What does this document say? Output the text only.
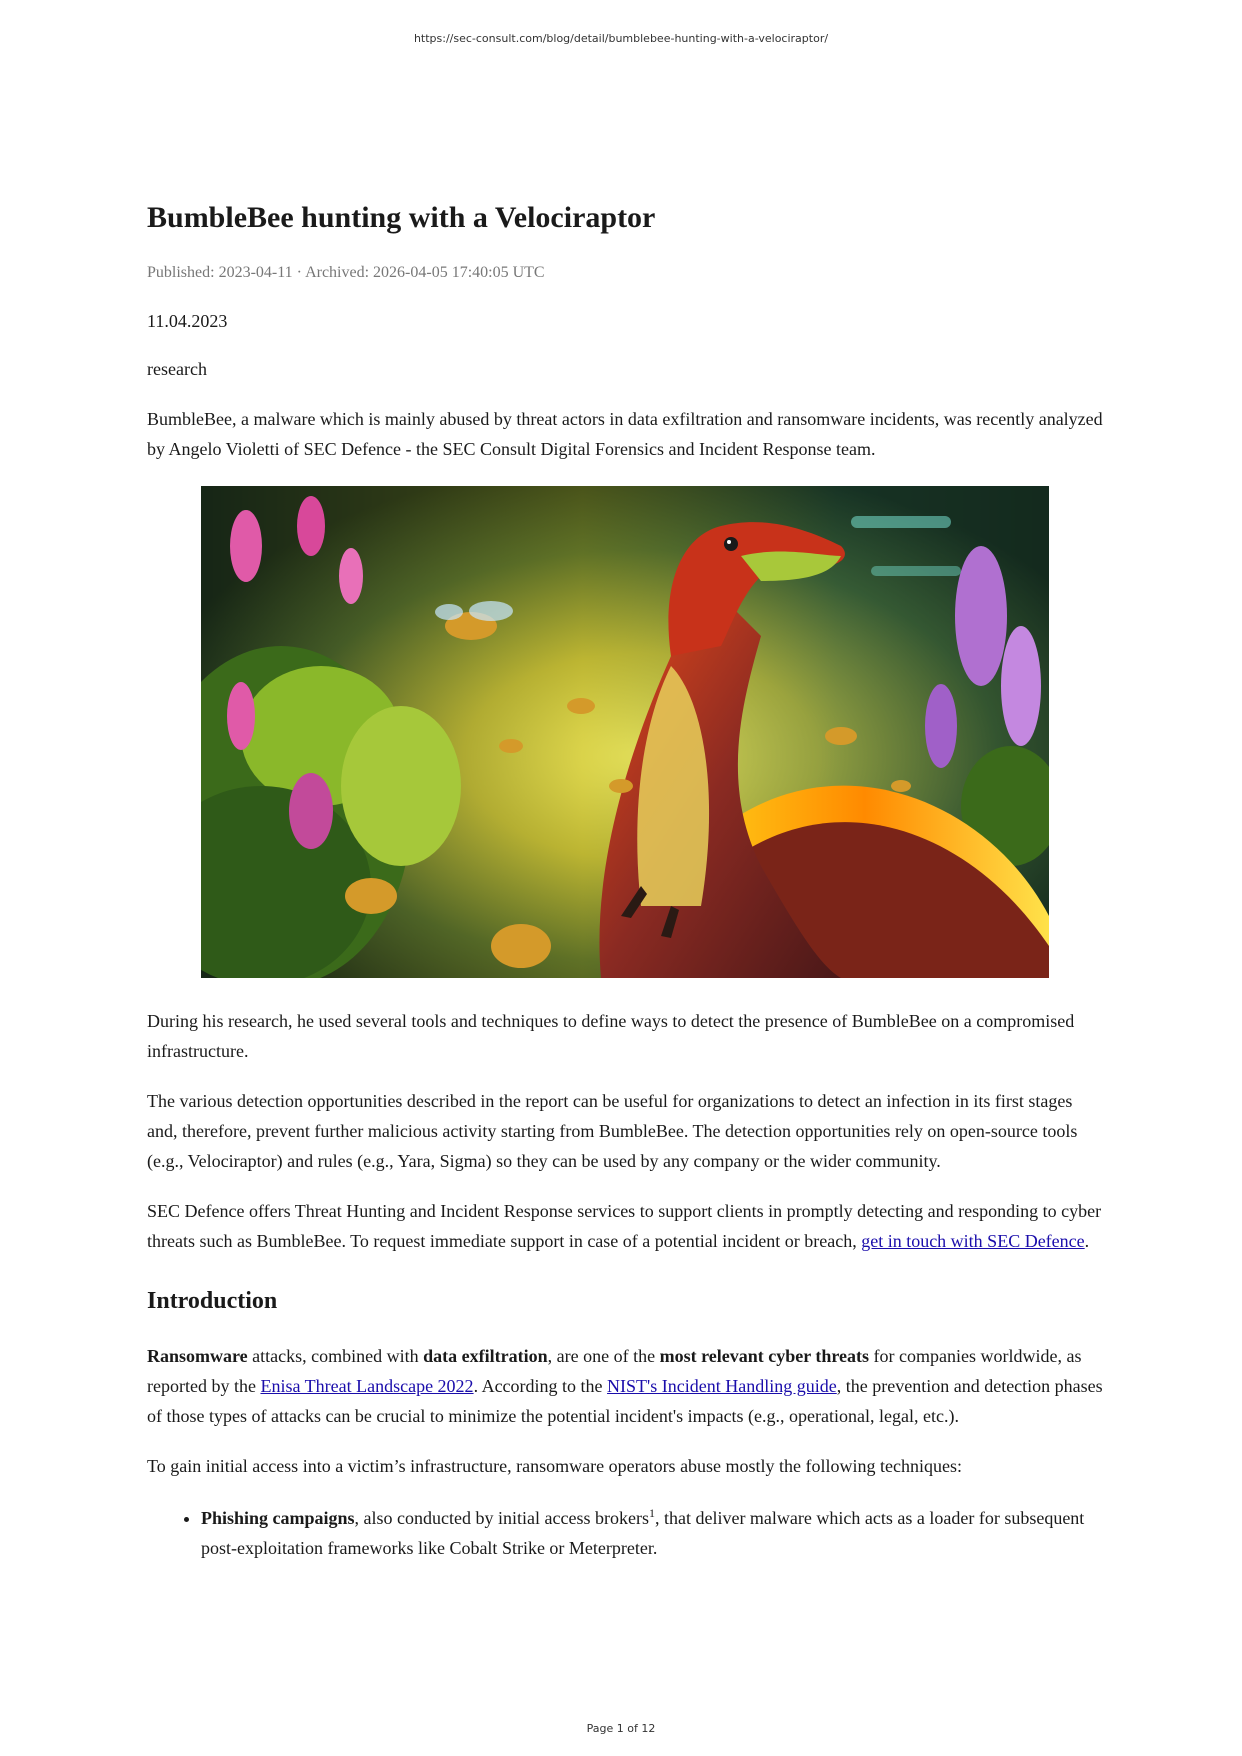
https://sec-consult.com/blog/detail/bumblebee-hunting-with-a-velociraptor/
BumbleBee hunting with a Velociraptor
Published: 2023-04-11 · Archived: 2026-04-05 17:40:05 UTC

11.04.2023

research

BumbleBee, a malware which is mainly abused by threat actors in data exfiltration and ransomware incidents, was recently analyzed by Angelo Violetti of SEC Defence - the SEC Consult Digital Forensics and Incident Response team.

During his research, he used several tools and techniques to define ways to detect the presence of BumbleBee on a compromised infrastructure.

The various detection opportunities described in the report can be useful for organizations to detect an infection in its first stages and, therefore, prevent further malicious activity starting from BumbleBee. The detection opportunities rely on open-source tools (e.g., Velociraptor) and rules (e.g., Yara, Sigma) so they can be used by any company or the wider community.

SEC Defence offers Threat Hunting and Incident Response services to support clients in promptly detecting and responding to cyber threats such as BumbleBee. To request immediate support in case of a potential incident or breach, get in touch with SEC Defence.

Introduction

Ransomware attacks, combined with data exfiltration, are one of the most relevant cyber threats for companies worldwide, as reported by the Enisa Threat Landscape 2022. According to the NIST's Incident Handling guide, the prevention and detection phases of those types of attacks can be crucial to minimize the potential incident's impacts (e.g., operational, legal, etc.).

To gain initial access into a victim’s infrastructure, ransomware operators abuse mostly the following techniques:

• Phishing campaigns, also conducted by initial access brokers$^1$, that deliver malware which acts as a loader for subsequent post-exploitation frameworks like Cobalt Strike or Meterpreter.
Page 1 of 12
